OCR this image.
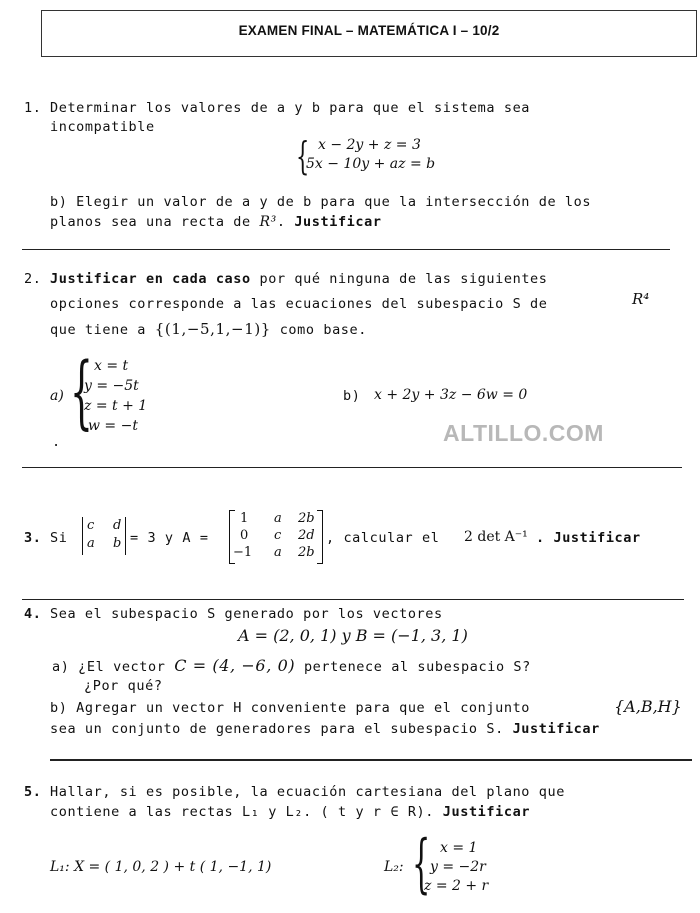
EXAMEN FINAL – MATEMÁTICA I – 10/2
1. Determinar los valores de a y b para que el sistema sea
incompatible
{ x − 2y + z = 3
5x − 10y + az = b
b) Elegir un valor de a y de b para que la intersección de los
planos sea una recta de R³. Justificar
2. Justificar en cada caso por qué ninguna de las siguientes
opciones corresponde a las ecuaciones del subespacio S de	R⁴
que tiene a {(1,−5,1,−1)} como base.
a) { x = t
y = −5t
z = t + 1
w = −t
.
b) x + 2y + 3z − 6w = 0
ALTILLO.COM
3. Si
c d
a b = 3 y A =
1 a 2b
0 c 2d
−1 a 2b
, calcular el 2 det A⁻¹ . Justificar
4. Sea el subespacio S generado por los vectores
A = (2, 0, 1) y B = (−1, 3, 1)
a) ¿El vector C = (4, −6, 0) pertenece al subespacio S?
¿Por qué?
b) Agregar un vector H conveniente para que el conjunto	{A,B,H}
sea un conjunto de generadores para el subespacio S. Justificar
5. Hallar, si es posible, la ecuación cartesiana del plano que
contiene a las rectas L₁ y L₂. ( t y r ∈ R). Justificar
L₁: X = ( 1, 0, 2 ) + t ( 1, −1, 1)	L₂: { x = 1
y = −2r
z = 2 + r
